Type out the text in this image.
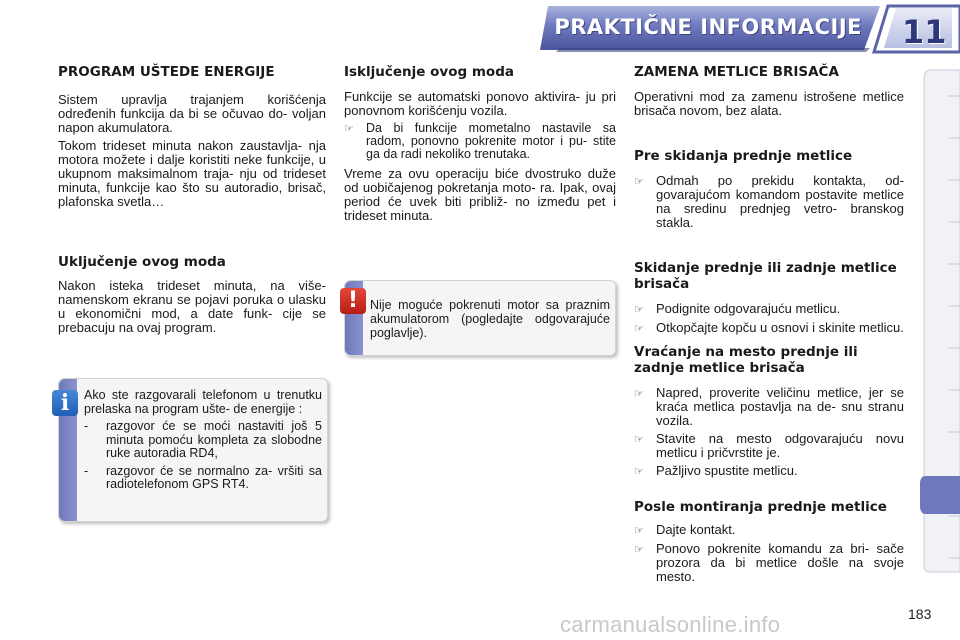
PRAKTIČNE INFORMACIJE 11
PROGRAM UŠTEDE ENERGIJE

Sistem upravlja trajanjem korišćenja određenih funkcija da bi se očuvao do- voljan napon akumulatora.

Tokom trideset minuta nakon zaustavlja- nja motora možete i dalje koristiti neke funkcije, u ukupnom maksimalnom traja- nju od trideset minuta, funkcije kao što su autoradio, brisač, plafonska svetla…

Uključenje ovog moda

Nakon isteka trideset minuta, na više- namenskom ekranu se pojavi poruka o ulasku u ekonomični mod, a date funk- cije se prebacuju na ovaj program.

Ako ste razgovarali telefonom u trenutku prelaska na program ušte- de energije :

-	razgovor će se moći nastaviti još 5 minuta pomoću kompleta za slobodne ruke autoradia RD4,
-	razgovor će se normalno za- vršiti sa radiotelefonom GPS RT4.
i
Isključenje ovog moda

Funkcije se automatski ponovo aktivira- ju pri ponovnom korišćenju vozila.

☞ Da bi funkcije mometalno nastavile sa radom, ponovno pokrenite motor i pu- stite ga da radi nekoliko trenutaka.

Vreme za ovu operaciju biće dvostruko duže od uobičajenog pokretanja moto- ra. Ipak, ovaj period će uvek biti približ- no između pet i trideset minuta.

Nije moguće pokrenuti motor sa praznim akumulatorom (pogledajte odgovarajuće poglavlje).

!
ZAMENA METLICE BRISAČA

Operativni mod za zamenu istrošene metlice brisača novom, bez alata.

Pre skidanja prednje metlice
☞ Odmah po prekidu kontakta, od- govarajućom komandom postavite metlice na sredinu prednjeg vetro- branskog stakla.
Skidanje prednje ili zadnje metlice brisača
☞ Podignite odgovarajuću metlicu.
☞ Otkopčajte kopču u osnovi i skinite metlicu.
Vraćanje na mesto prednje ili zadnje metlice brisača
☞ Napred, proverite veličinu metlice, jer se kraća metlica postavlja na de- snu stranu vozila.
☞ Stavite na mesto odgovarajuću novu metlicu i pričvrstite je.
☞ Pažljivo spustite metlicu.
Posle montiranja prednje metlice
☞ Dajte kontakt.
☞ Ponovo pokrenite komandu za bri- sače prozora da bi metlice došle na svoje mesto.
carmanualsonline.info	183
